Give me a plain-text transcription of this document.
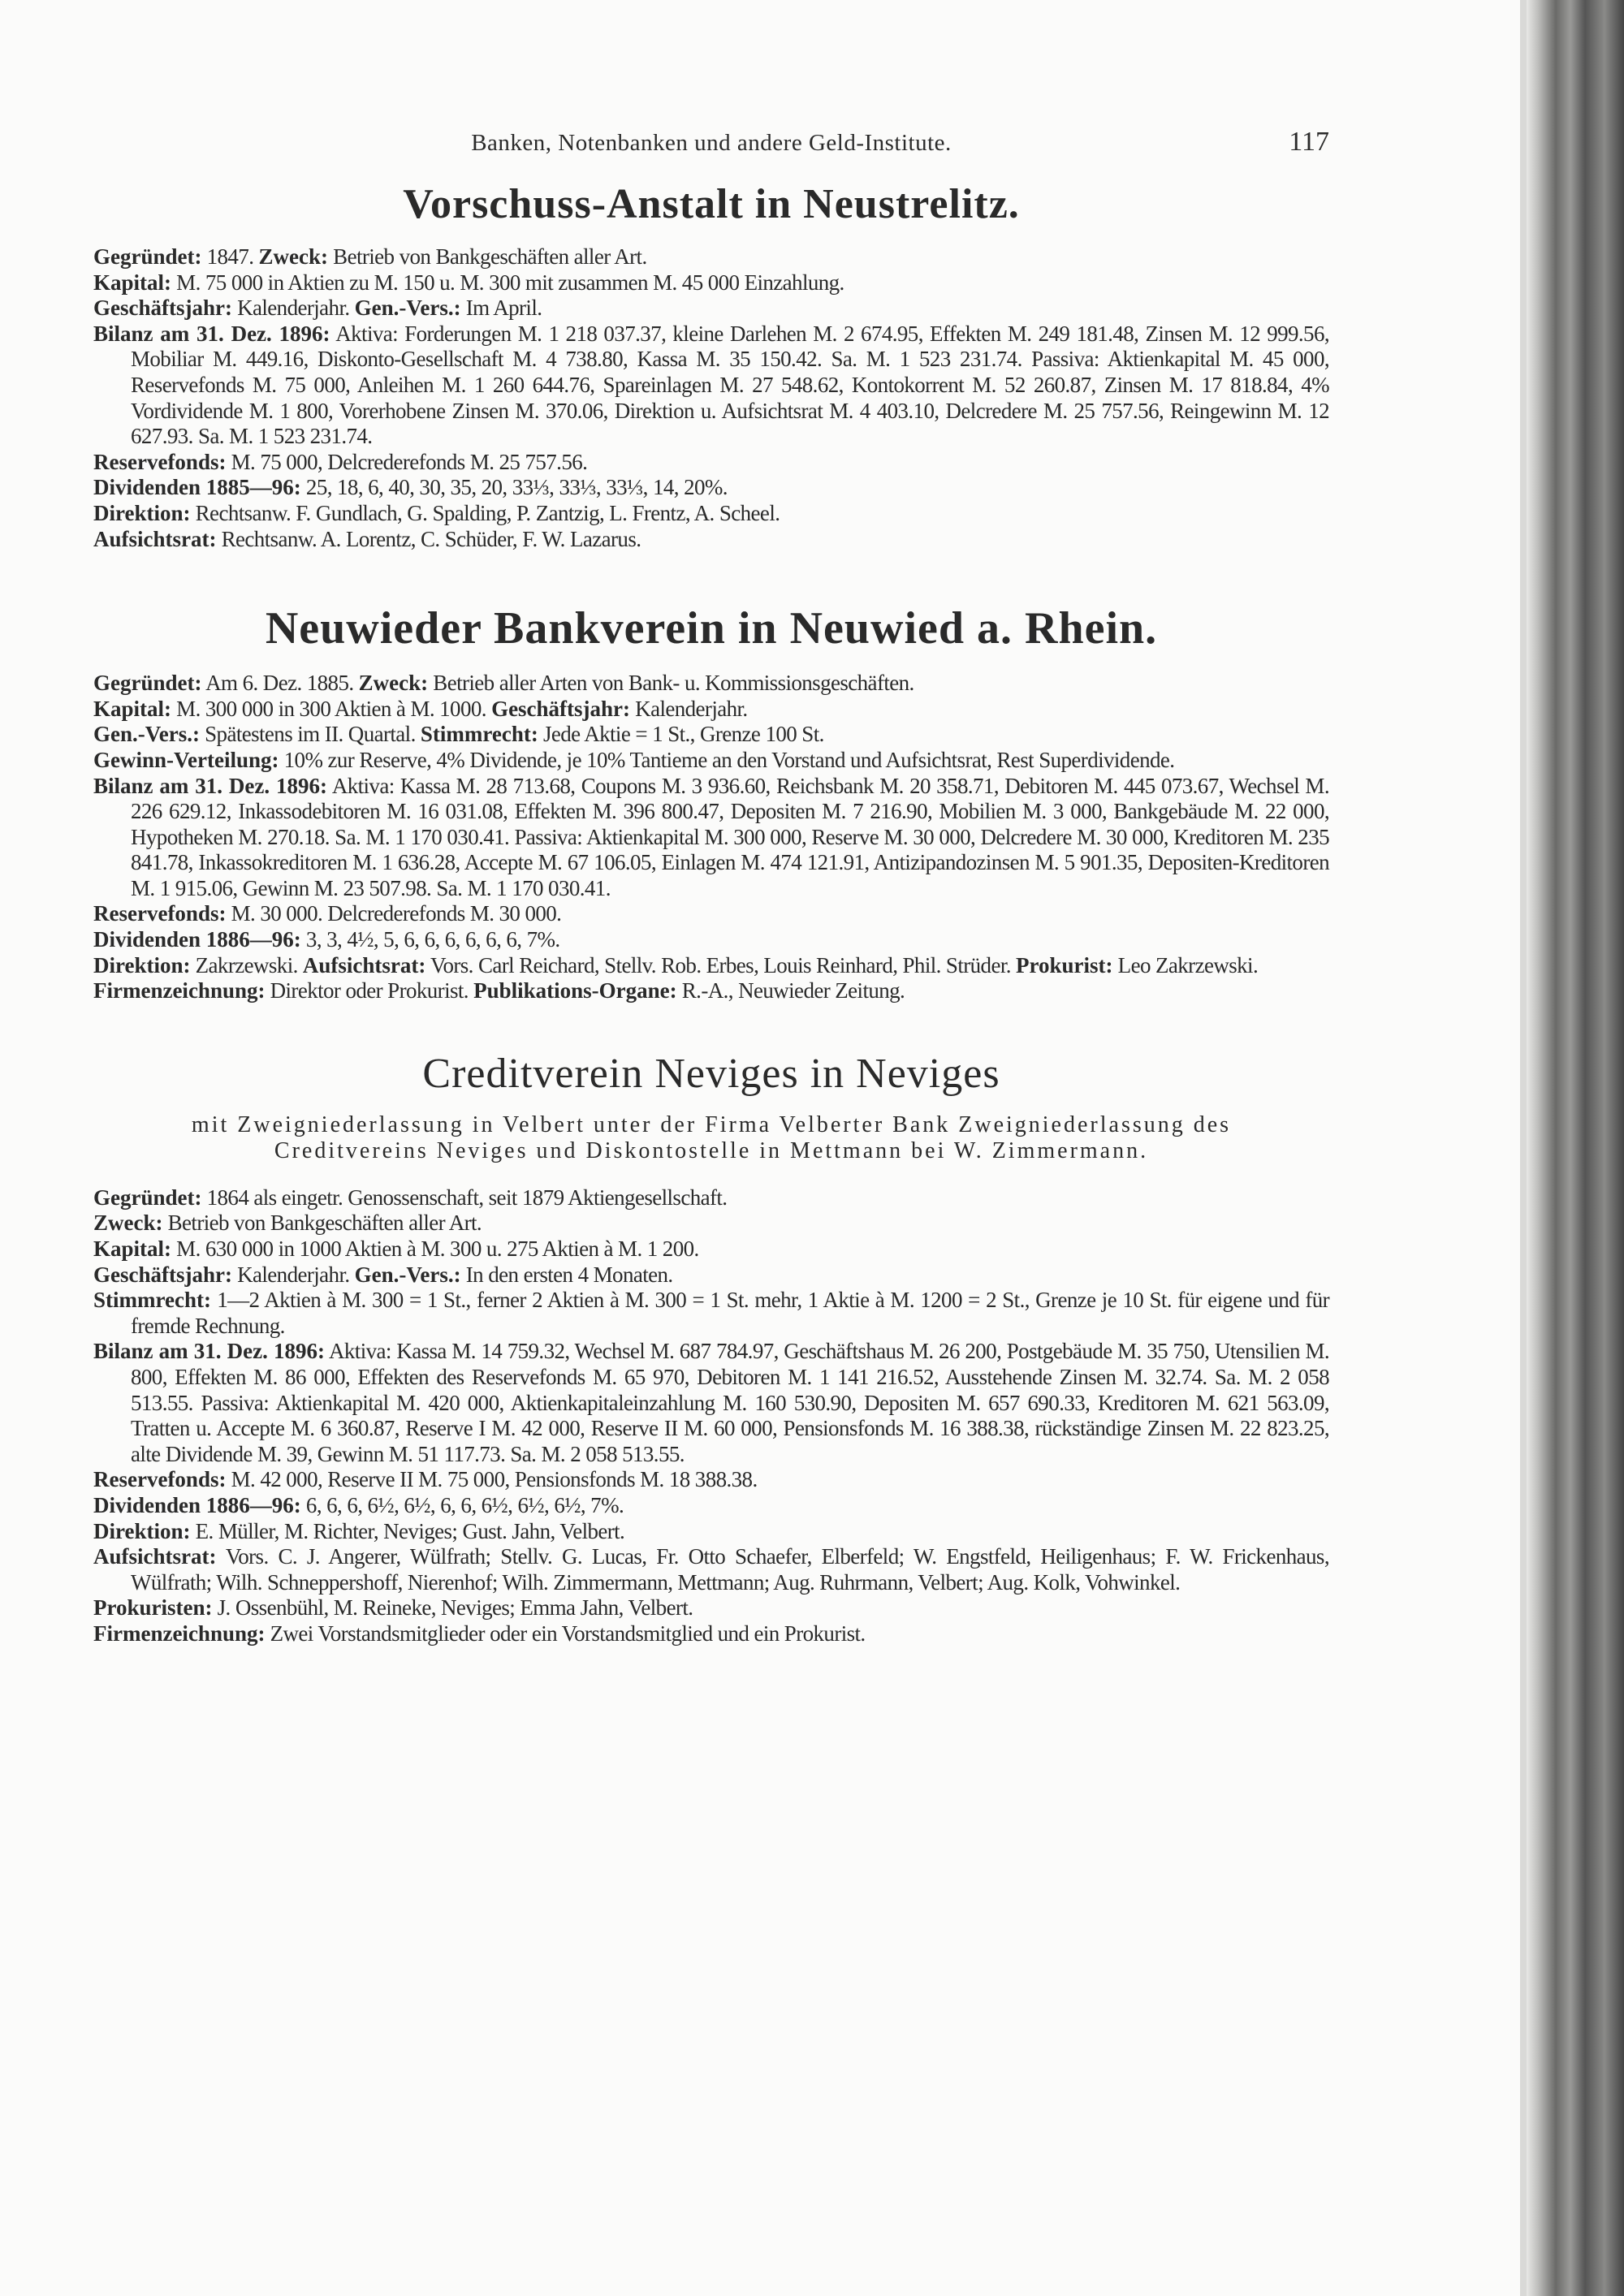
Banken, Notenbanken und andere Geld-Institute.	117
Vorschuss-Anstalt in Neustrelitz.
Gegründet: 1847. Zweck: Betrieb von Bankgeschäften aller Art.
Kapital: M. 75 000 in Aktien zu M. 150 u. M. 300 mit zusammen M. 45 000 Einzahlung.
Geschäftsjahr: Kalenderjahr. Gen.-Vers.: Im April.
Bilanz am 31. Dez. 1896: Aktiva: Forderungen M. 1 218 037.37, kleine Darlehen M. 2 674.95, Effekten M. 249 181.48, Zinsen M. 12 999.56, Mobiliar M. 449.16, Diskonto-Gesellschaft M. 4 738.80, Kassa M. 35 150.42. Sa. M. 1 523 231.74. Passiva: Aktienkapital M. 45 000, Reservefonds M. 75 000, Anleihen M. 1 260 644.76, Spareinlagen M. 27 548.62, Kontokorrent M. 52 260.87, Zinsen M. 17 818.84, 4% Vordividende M. 1 800, Vorerhobene Zinsen M. 370.06, Direktion u. Aufsichtsrat M. 4 403.10, Delcredere M. 25 757.56, Reingewinn M. 12 627.93. Sa. M. 1 523 231.74.
Reservefonds: M. 75 000, Delcrederefonds M. 25 757.56.
Dividenden 1885—96: 25, 18, 6, 40, 30, 35, 20, 33⅓, 33⅓, 33⅓, 14, 20%.
Direktion: Rechtsanw. F. Gundlach, G. Spalding, P. Zantzig, L. Frentz, A. Scheel.
Aufsichtsrat: Rechtsanw. A. Lorentz, C. Schüder, F. W. Lazarus.
Neuwieder Bankverein in Neuwied a. Rhein.
Gegründet: Am 6. Dez. 1885. Zweck: Betrieb aller Arten von Bank- u. Kommissionsgeschäften.
Kapital: M. 300 000 in 300 Aktien à M. 1000. Geschäftsjahr: Kalenderjahr.
Gen.-Vers.: Spätestens im II. Quartal. Stimmrecht: Jede Aktie = 1 St., Grenze 100 St.
Gewinn-Verteilung: 10% zur Reserve, 4% Dividende, je 10% Tantieme an den Vorstand und Aufsichtsrat, Rest Superdividende.
Bilanz am 31. Dez. 1896: Aktiva: Kassa M. 28 713.68, Coupons M. 3 936.60, Reichsbank M. 20 358.71, Debitoren M. 445 073.67, Wechsel M. 226 629.12, Inkassodebitoren M. 16 031.08, Effekten M. 396 800.47, Depositen M. 7 216.90, Mobilien M. 3 000, Bankgebäude M. 22 000, Hypotheken M. 270.18. Sa. M. 1 170 030.41. Passiva: Aktienkapital M. 300 000, Reserve M. 30 000, Delcredere M. 30 000, Kreditoren M. 235 841.78, Inkassokreditoren M. 1 636.28, Accepte M. 67 106.05, Einlagen M. 474 121.91, Antizipandozinsen M. 5 901.35, Depositen-Kreditoren M. 1 915.06, Gewinn M. 23 507.98. Sa. M. 1 170 030.41.
Reservefonds: M. 30 000. Delcrederefonds M. 30 000.
Dividenden 1886—96: 3, 3, 4½, 5, 6, 6, 6, 6, 6, 6, 7%.
Direktion: Zakrzewski. Aufsichtsrat: Vors. Carl Reichard, Stellv. Rob. Erbes, Louis Reinhard, Phil. Strüder. Prokurist: Leo Zakrzewski.
Firmenzeichnung: Direktor oder Prokurist. Publikations-Organe: R.-A., Neuwieder Zeitung.
Creditverein Neviges in Neviges
mit Zweigniederlassung in Velbert unter der Firma Velberter Bank Zweigniederlassung des Creditvereins Neviges und Diskontostelle in Mettmann bei W. Zimmermann.
Gegründet: 1864 als eingetr. Genossenschaft, seit 1879 Aktiengesellschaft.
Zweck: Betrieb von Bankgeschäften aller Art.
Kapital: M. 630 000 in 1000 Aktien à M. 300 u. 275 Aktien à M. 1 200.
Geschäftsjahr: Kalenderjahr. Gen.-Vers.: In den ersten 4 Monaten.
Stimmrecht: 1—2 Aktien à M. 300 = 1 St., ferner 2 Aktien à M. 300 = 1 St. mehr, 1 Aktie à M. 1200 = 2 St., Grenze je 10 St. für eigene und für fremde Rechnung.
Bilanz am 31. Dez. 1896: Aktiva: Kassa M. 14 759.32, Wechsel M. 687 784.97, Geschäftshaus M. 26 200, Postgebäude M. 35 750, Utensilien M. 800, Effekten M. 86 000, Effekten des Reservefonds M. 65 970, Debitoren M. 1 141 216.52, Ausstehende Zinsen M. 32.74. Sa. M. 2 058 513.55. Passiva: Aktienkapital M. 420 000, Aktienkapitaleinzahlung M. 160 530.90, Depositen M. 657 690.33, Kreditoren M. 621 563.09, Tratten u. Accepte M. 6 360.87, Reserve I M. 42 000, Reserve II M. 60 000, Pensionsfonds M. 16 388.38, rückständige Zinsen M. 22 823.25, alte Dividende M. 39, Gewinn M. 51 117.73. Sa. M. 2 058 513.55.
Reservefonds: M. 42 000, Reserve II M. 75 000, Pensionsfonds M. 18 388.38.
Dividenden 1886—96: 6, 6, 6, 6½, 6½, 6, 6, 6½, 6½, 6½, 7%.
Direktion: E. Müller, M. Richter, Neviges; Gust. Jahn, Velbert.
Aufsichtsrat: Vors. C. J. Angerer, Wülfrath; Stellv. G. Lucas, Fr. Otto Schaefer, Elberfeld; W. Engstfeld, Heiligenhaus; F. W. Frickenhaus, Wülfrath; Wilh. Schneppershoff, Nierenhof; Wilh. Zimmermann, Mettmann; Aug. Ruhrmann, Velbert; Aug. Kolk, Vohwinkel.
Prokuristen: J. Ossenbühl, M. Reineke, Neviges; Emma Jahn, Velbert.
Firmenzeichnung: Zwei Vorstandsmitglieder oder ein Vorstandsmitglied und ein Prokurist.
